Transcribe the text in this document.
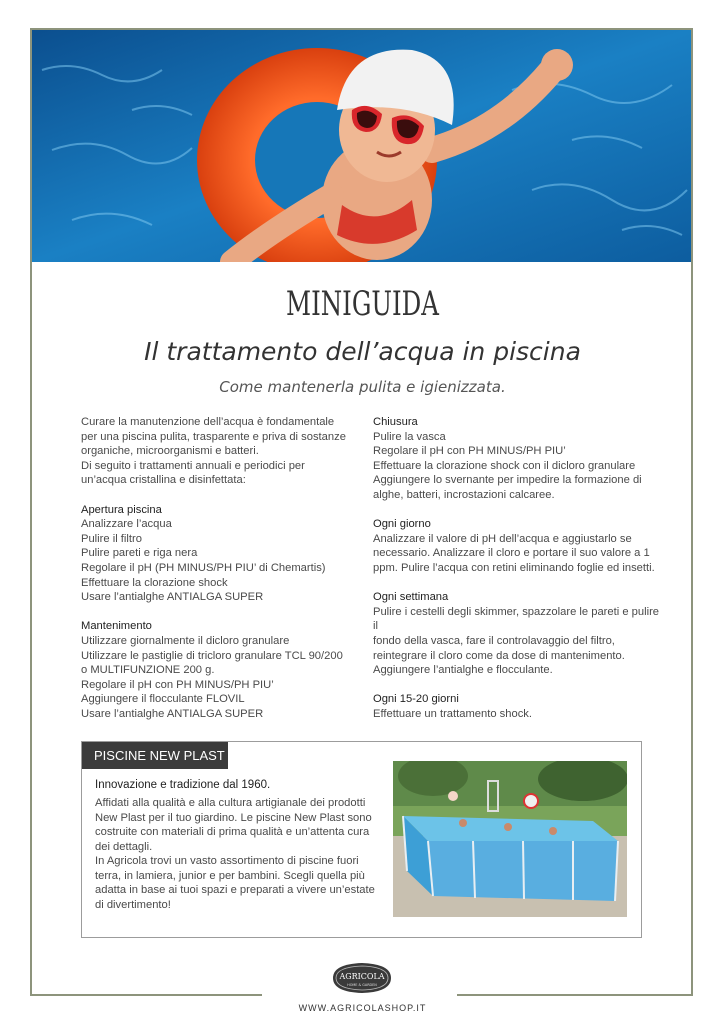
MINIGUIDA
Il trattamento dell’acqua in piscina
Come mantenerla pulita e igienizzata.

Curare la manutenzione dell’acqua è fondamentale

per una piscina pulita, trasparente e priva di sostanze

organiche, microorganismi e batteri.

Di seguito i trattamenti annuali e periodici per

un’acqua cristallina e disinfettata:

Apertura piscina

Analizzare l’acqua

Pulire il filtro

Pulire pareti e riga nera

Regolare il pH (PH MINUS/PH PIU’ di Chemartis)

Effettuare la clorazione shock

Usare l’antialghe ANTIALGA SUPER

Mantenimento

Utilizzare giornalmente il dicloro granulare

Utilizzare le pastiglie di tricloro granulare TCL 90/200

o MULTIFUNZIONE 200 g.

Regolare il pH con PH MINUS/PH PIU’

Aggiungere il flocculante FLOVIL

Usare l’antialghe ANTIALGA SUPER

Chiusura

Pulire la vasca

Regolare il pH con PH MINUS/PH PIU’

Effettuare la clorazione shock con il dicloro granulare

Aggiungere lo svernante per impedire la formazione di

alghe, batteri, incrostazioni calcaree.

Ogni giorno

Analizzare il valore di pH dell’acqua e aggiustarlo se

necessario. Analizzare il cloro e portare il suo valore a 1

ppm. Pulire l’acqua con retini eliminando foglie ed insetti.

Ogni settimana

Pulire i cestelli degli skimmer, spazzolare le pareti e pulire il

fondo della vasca, fare il controlavaggio del filtro,

reintegrare il cloro come da dose di mantenimento.

Aggiungere l’antialghe e flocculante.

Ogni 15-20 giorni

Effettuare un trattamento shock.

PISCINE NEW PLAST
Innovazione e tradizione dal 1960.

Affidati alla qualità e alla cultura artigianale dei prodotti

New Plast per il tuo giardino. Le piscine New Plast sono

costruite con materiali di prima qualità e un’attenta cura

dei dettagli.

In Agricola trovi un vasto assortimento di piscine fuori

terra, in lamiera, junior e per bambini. Scegli quella più

adatta in base ai tuoi spazi e preparati a vivere un’estate

di divertimento!

AGRICOLA
HOME & GARDEN
WWW.AGRICOLASHOP.IT
